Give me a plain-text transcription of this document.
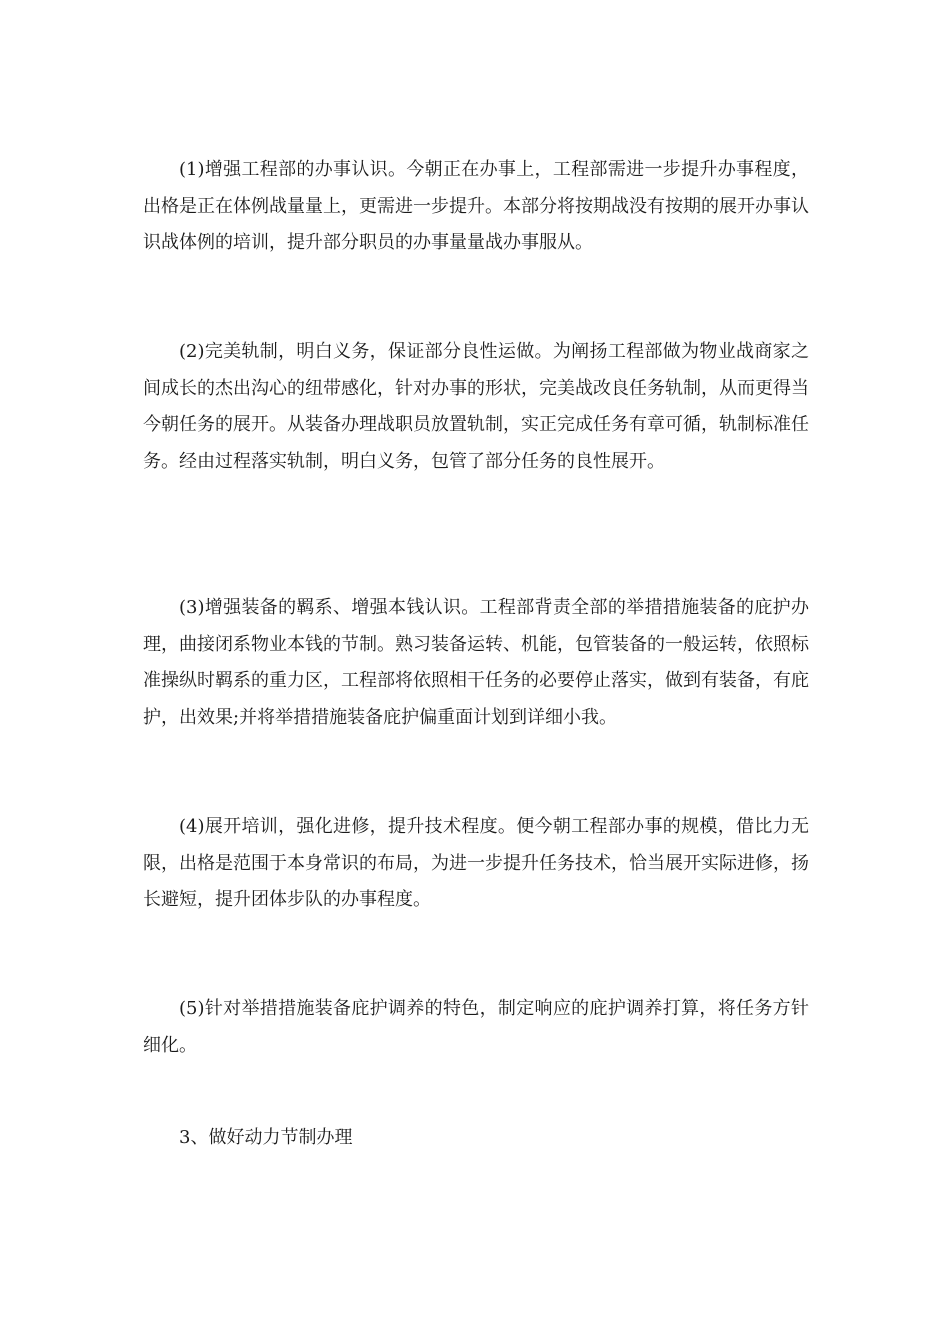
(1)增强工程部的办事认识。今朝正在办事上，工程部需进一步提升办事程度，出格是正在体例战量量上，更需进一步提升。本部分将按期战没有按期的展开办事认识战体例的培训，提升部分职员的办事量量战办事服从。

(2)完美轨制，明白义务，保证部分良性运做。为阐扬工程部做为物业战商家之间成长的杰出沟心的纽带感化，针对办事的形状，完美战改良任务轨制，从而更得当今朝任务的展开。从装备办理战职员放置轨制，实正完成任务有章可循，轨制标准任务。经由过程落实轨制，明白义务，包管了部分任务的良性展开。

(3)增强装备的羁系、增强本钱认识。工程部背责全部的举措措施装备的庇护办理，曲接闭系物业本钱的节制。熟习装备运转、机能，包管装备的一般运转，依照标准操纵时羁系的重力区，工程部将依照相干任务的必要停止落实，做到有装备，有庇护，出效果;并将举措措施装备庇护偏重面计划到详细小我。

(4)展开培训，强化进修，提升技术程度。便今朝工程部办事的规模，借比力无限，出格是范围于本身常识的布局，为进一步提升任务技术，恰当展开实际进修，扬长避短，提升团体步队的办事程度。

(5)针对举措措施装备庇护调养的特色，制定响应的庇护调养打算，将任务方针细化。

3、做好动力节制办理
